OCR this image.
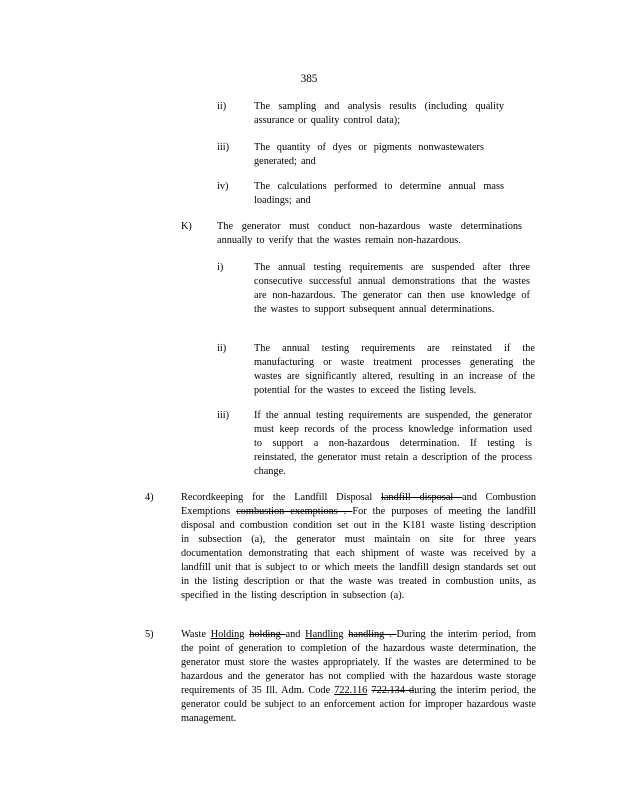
385
ii)	The sampling and analysis results (including quality assurance or quality control data);
iii) The quantity of dyes or pigments nonwastewaters generated; and
iv) The calculations performed to determine annual mass loadings; and
K) The generator must conduct non-hazardous waste determinations annually to verify that the wastes remain non-hazardous.
i)	The annual testing requirements are suspended after three consecutive successful annual demonstrations that the wastes are non-hazardous. The generator can then use knowledge of the wastes to support subsequent annual determinations.
ii)	The annual testing requirements are reinstated if the manufacturing or waste treatment processes generating the wastes are significantly altered, resulting in an increase of the potential for the wastes to exceed the listing levels.
iii) If the annual testing requirements are suspended, the generator must keep records of the process knowledge information used to support a non-hazardous determination. If testing is reinstated, the generator must retain a description of the process change.
4)	Recordkeeping for the Landfill Disposal landfill disposal and Combustion Exemptions combustion exemptions . For the purposes of meeting the landfill disposal and combustion condition set out in the K181 waste listing description in subsection (a), the generator must maintain on site for three years documentation demonstrating that each shipment of waste was received by a landfill unit that is subject to or which meets the landfill design standards set out in the listing description or that the waste was treated in combustion units, as specified in the listing description in subsection (a).
5)	Waste Holding holding and Handling handling . During the interim period, from the point of generation to completion of the hazardous waste determination, the generator must store the wastes appropriately. If the wastes are determined to be hazardous and the generator has not complied with the hazardous waste storage requirements of 35 Ill. Adm. Code 722.116 722.134 during the interim period, the generator could be subject to an enforcement action for improper hazardous waste management.
